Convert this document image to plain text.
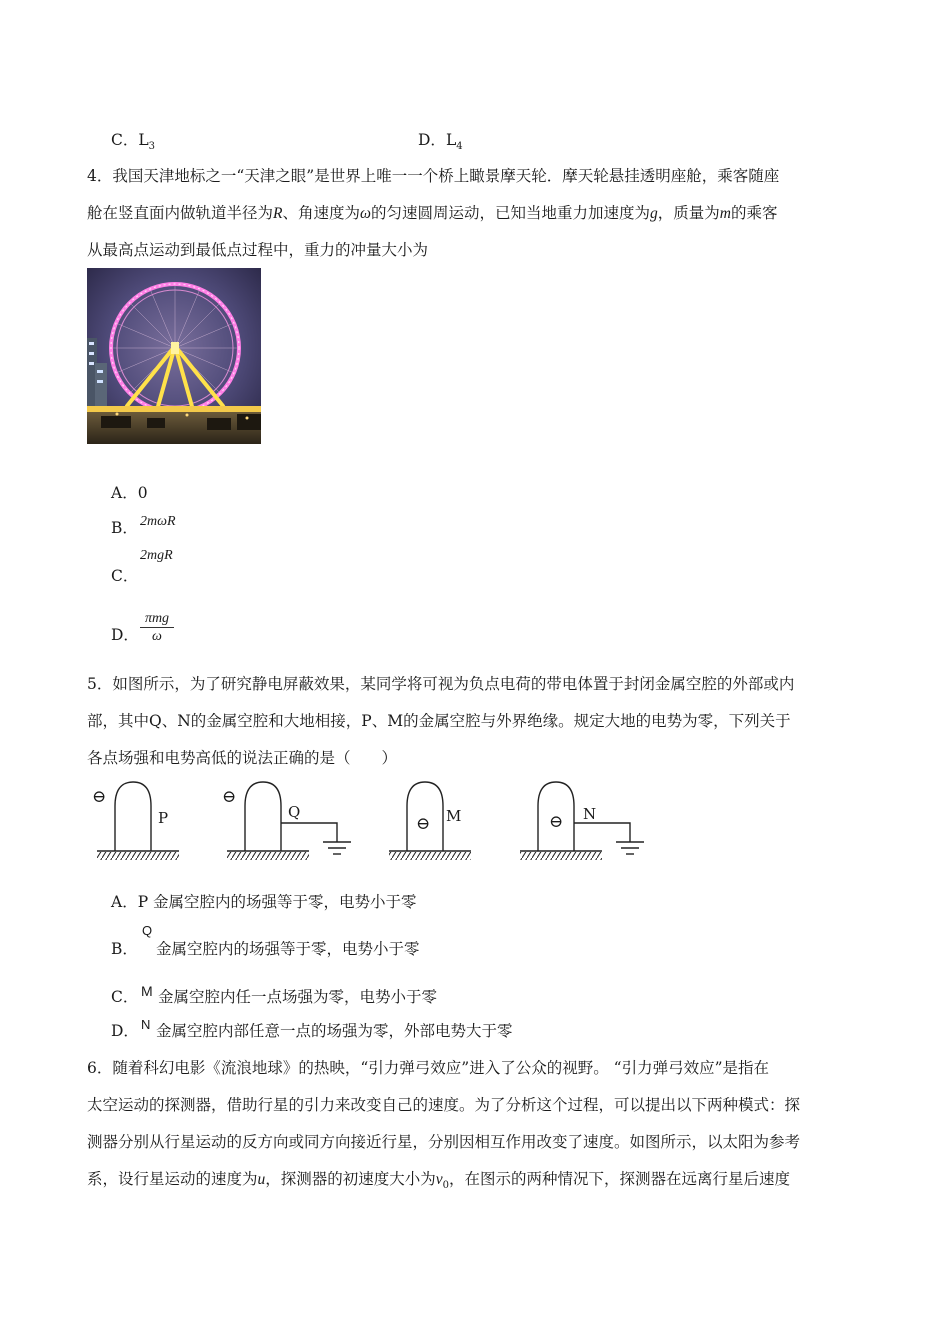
C．$L_3$	D．$L_4$
4．我国天津地标之一“天津之眼”是世界上唯一一个桥上瞰景摩天轮．摩天轮悬挂透明座舱，乘客随座
舱在竖直面内做轨道半径为R、角速度为ω的匀速圆周运动，已知当地重力加速度为g，质量为m的乘客
从最高点运动到最低点过程中，重力的冲量大小为
A．0
B． 2mωR
2mgR
C．
D．
πmg
ω
5．如图所示，为了研究静电屏蔽效果，某同学将可视为负点电荷的带电体置于封闭金属空腔的外部或内
部，其中Q、N的金属空腔和大地相接，P、M的金属空腔与外界绝缘。规定大地的电势为零，下列关于
各点场强和电势高低的说法正确的是（　　）
⊖
P
⊖
Q
⊖ M	⊖ N
A．P 金属空腔内的场强等于零，电势小于零
B．
Q
金属空腔内的场强等于零，电势小于零
C． M 金属空腔内任一点场强为零，电势小于零
D． N 金属空腔内部任意一点的场强为零，外部电势大于零
6．随着科幻电影《流浪地球》的热映，“引力弹弓效应”进入了公众的视野。 “引力弹弓效应”是指在
太空运动的探测器，借助行星的引力来改变自己的速度。为了分析这个过程，可以提出以下两种模式：探
测器分别从行星运动的反方向或同方向接近行星，分别因相互作用改变了速度。如图所示，以太阳为参考
系，设行星运动的速度为u，探测器的初速度大小为$v_0$，在图示的两种情况下，探测器在远离行星后速度
